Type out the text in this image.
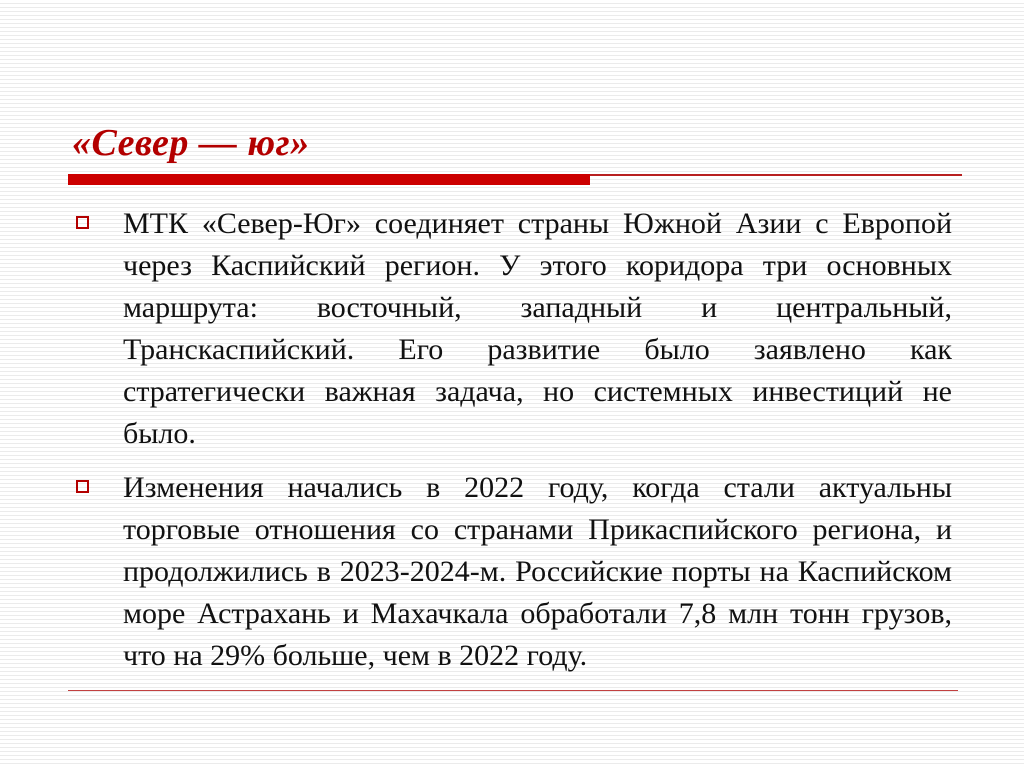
«Север — юг»
МТК «Север-Юг» соединяет страны Южной Азии с Европой через Каспийский регион. У этого коридора три основных маршрута: восточный, западный и центральный, Транскаспийский. Его развитие было заявлено как стратегически важная задача, но системных инвестиций не было.
Изменения начались в 2022 году, когда стали актуальны торговые отношения со странами Прикаспийского региона, и продолжились в 2023-2024-м. Российские порты на Каспийском море Астрахань и Махачкала обработали 7,8 млн тонн грузов, что на 29% больше, чем в 2022 году.
